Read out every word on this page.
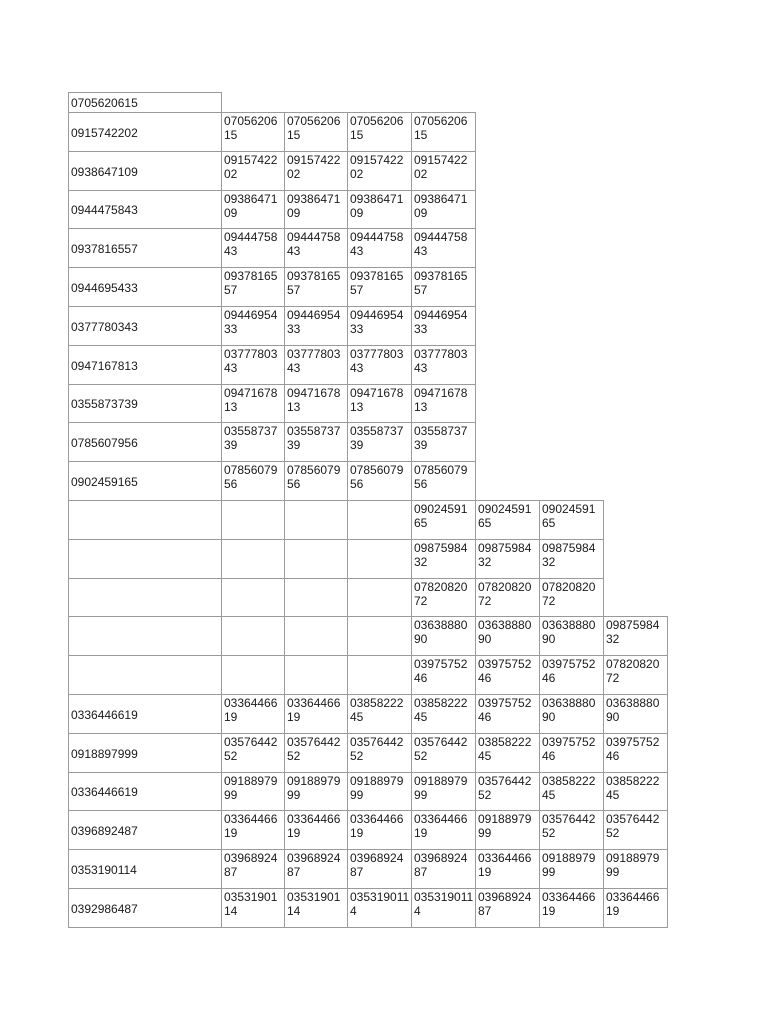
0705620615
0915742202
0705620615
0705620615
0705620615
0705620615
0938647109
0915742202
0915742202
0915742202
0915742202
0944475843
0938647109
0938647109
0938647109
0938647109
0937816557
0944475843
0944475843
0944475843
0944475843
0944695433
0937816557
0937816557
0937816557
0937816557
0377780343
0944695433
0944695433
0944695433
0944695433
0947167813
0377780343
0377780343
0377780343
0377780343
0355873739
0947167813
0947167813
0947167813
0947167813
0785607956
0355873739
0355873739
0355873739
0355873739
0902459165
0785607956
0785607956
0785607956
0785607956
0902459165
0902459165
0902459165
0987598432
0987598432
0987598432
0782082072
0782082072
0782082072
0363888090
0363888090
0363888090
0987598432
0397575246
0397575246
0397575246
0782082072
0336446619
0336446619
0336446619
0385822245
0385822245
0397575246
0363888090
0363888090
0918897999
0357644252
0357644252
0357644252
0357644252
0385822245
0397575246
0397575246
0336446619
0918897999
0918897999
0918897999
0918897999
0357644252
0385822245
0385822245
0396892487
0336446619
0336446619
0336446619
0336446619
0918897999
0357644252
0357644252
0353190114
0396892487
0396892487
0396892487
0396892487
0336446619
0918897999
0918897999
0392986487
0353190114
0353190114
0353190114
0353190114
0396892487
0336446619
0336446619
